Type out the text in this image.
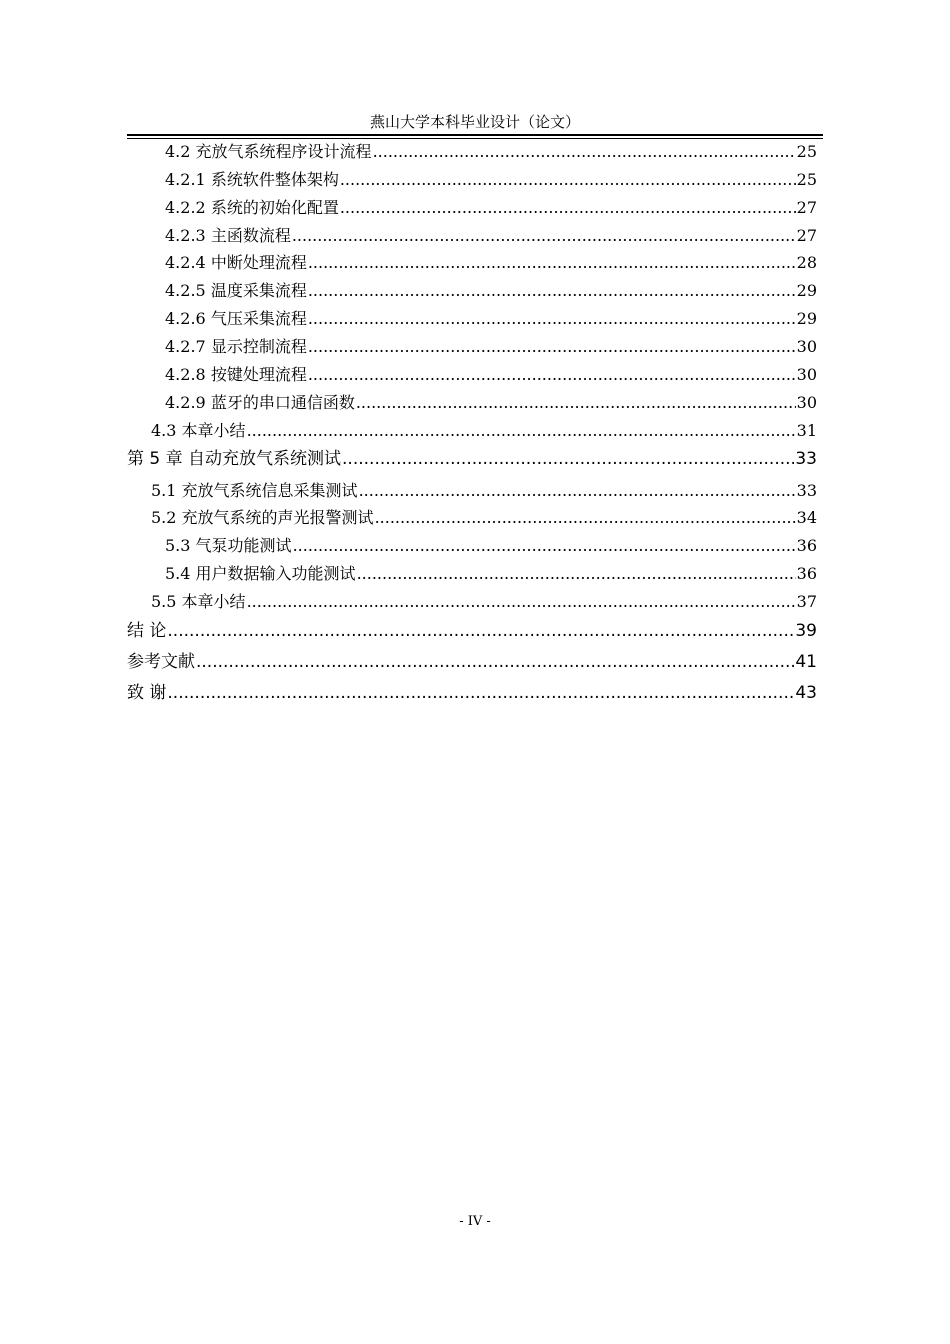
燕山大学本科毕业设计（论文）
4.2 充放气系统程序设计流程 .....	25
4.2.1 系统软件整体架构 .....	25
4.2.2 系统的初始化配置 .....	27
4.2.3 主函数流程 .....	27
4.2.4 中断处理流程 .....	28
4.2.5 温度采集流程 .....	29
4.2.6 气压采集流程 .....	29
4.2.7 显示控制流程 .....	30
4.2.8 按键处理流程 .....	30
4.2.9 蓝牙的串口通信函数 .....	30
4.3 本章小结 .....	31
第 5 章 自动充放气系统测试 .....	33
5.1 充放气系统信息采集测试 .....	33
5.2 充放气系统的声光报警测试 .....	34
5.3 气泵功能测试 .....	36
5.4 用户数据输入功能测试 .....	36
5.5 本章小结 .....	37
结 论 .....	39
参考文献 .....	41
致 谢 .....	43
- IV -
